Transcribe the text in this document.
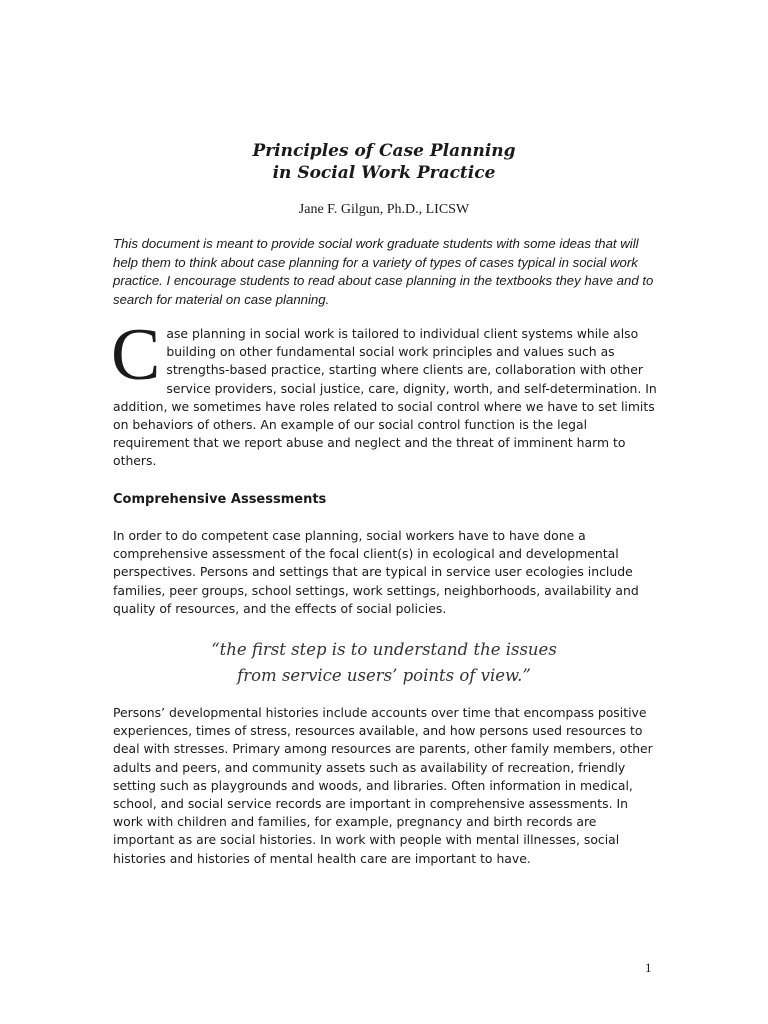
Principles of Case Planning
in Social Work Practice
Jane F. Gilgun, Ph.D., LICSW

This document is meant to provide social work graduate students with some ideas that will help them to think about case planning for a variety of types of cases typical in social work practice. I encourage students to read about case planning in the textbooks they have and to search for material on case planning.

Case planning in social work is tailored to individual client systems while also building on other fundamental social work principles and values such as strengths-based practice, starting where clients are, collaboration with other service providers, social justice, care, dignity, worth, and self-determination. In addition, we sometimes have roles related to social control where we have to set limits on behaviors of others. An example of our social control function is the legal requirement that we report abuse and neglect and the threat of imminent harm to others.
Comprehensive Assessments

In order to do competent case planning, social workers have to have done a comprehensive assessment of the focal client(s) in ecological and developmental perspectives. Persons and settings that are typical in service user ecologies include families, peer groups, school settings, work settings, neighborhoods, availability and quality of resources, and the effects of social policies.

“the first step is to understand the issues
from service users’ points of view.”

Persons’ developmental histories include accounts over time that encompass positive experiences, times of stress, resources available, and how persons used resources to deal with stresses. Primary among resources are parents, other family members, other adults and peers, and community assets such as availability of recreation, friendly setting such as playgrounds and woods, and libraries. Often information in medical, school, and social service records are important in comprehensive assessments. In work with children and families, for example, pregnancy and birth records are important as are social histories. In work with people with mental illnesses, social histories and histories of mental health care are important to have.

1
